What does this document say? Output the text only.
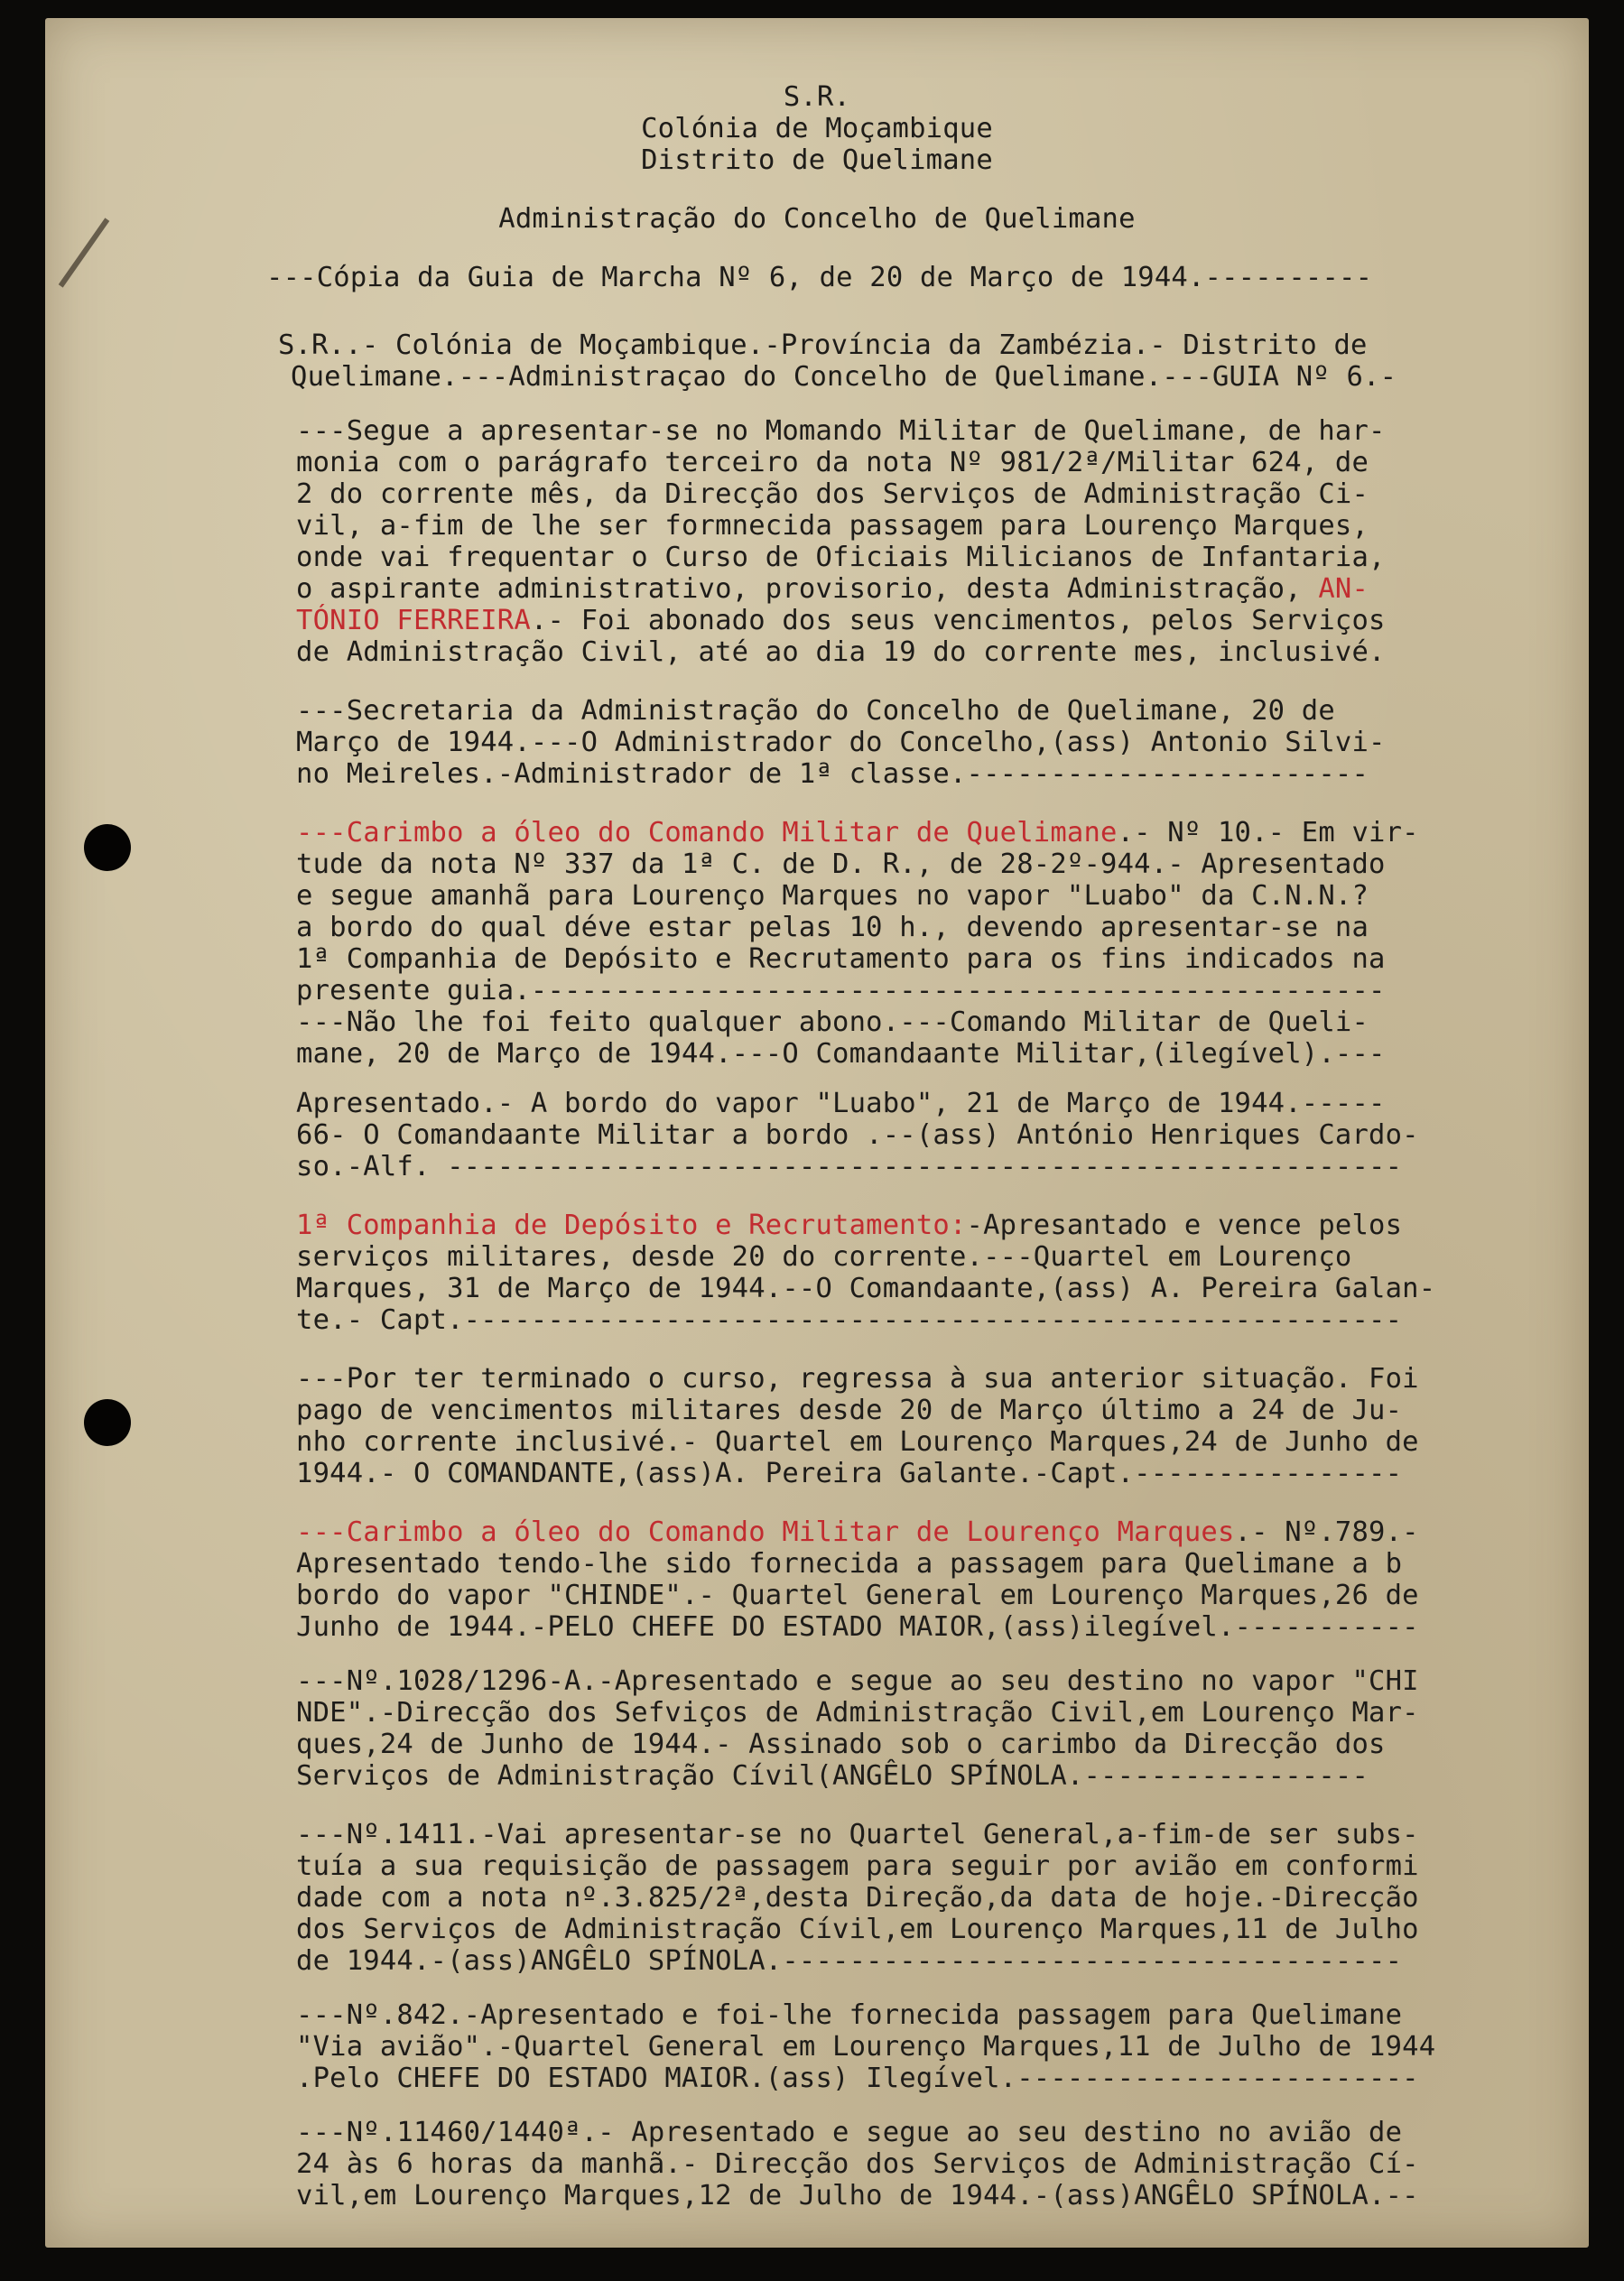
S.R.

Colónia de Moçambique

Distrito de Quelimane

Administração do Concelho de Quelimane

---Cópia da Guia de Marcha Nº 6, de 20 de Março de 1944.----------

S.R..- Colónia de Moçambique.-Província da Zambézia.- Distrito de

Quelimane.---Administraçao do Concelho de Quelimane.---GUIA Nº 6.-

---Segue a apresentar-se no Momando Militar de Quelimane, de har-

monia com o parágrafo terceiro da nota Nº 981/2ª/Militar 624, de

2 do corrente mês, da Direcção dos Serviços de Administração Ci-

vil, a-fim de lhe ser formnecida passagem para Lourenço Marques,

onde vai frequentar o Curso de Oficiais Milicianos de Infantaria,

o aspirante administrativo, provisorio, desta Administração, AN-

TÓNIO FERREIRA.- Foi abonado dos seus vencimentos, pelos Serviços

de Administração Civil, até ao dia 19 do corrente mes, inclusivé.

---Secretaria da Administração do Concelho de Quelimane, 20 de

Março de 1944.---O Administrador do Concelho,(ass) Antonio Silvi-

no Meireles.-Administrador de 1ª classe.------------------------

---Carimbo a óleo do Comando Militar de Quelimane.- Nº 10.- Em vir-

tude da nota Nº 337 da 1ª C. de D. R., de 28-2º-944.- Apresentado

e segue amanhã para Lourenço Marques no vapor "Luabo" da C.N.N.?

a bordo do qual déve estar pelas 10 h., devendo apresentar-se na

1ª Companhia de Depósito e Recrutamento para os fins indicados na

presente guia.---------------------------------------------------

---Não lhe foi feito qualquer abono.---Comando Militar de Queli-

mane, 20 de Março de 1944.---O Comandaante Militar,(ilegível).---

Apresentado.- A bordo do vapor "Luabo", 21 de Março de 1944.-----

66- O Comandaante Militar a bordo .--(ass) António Henriques Cardo-

so.-Alf. ---------------------------------------------------------

1ª Companhia de Depósito e Recrutamento:-Apresantado e vence pelos

serviços militares, desde 20 do corrente.---Quartel em Lourenço

Marques, 31 de Março de 1944.--O Comandaante,(ass) A. Pereira Galan-

te.- Capt.--------------------------------------------------------

---Por ter terminado o curso, regressa à sua anterior situação. Foi

pago de vencimentos militares desde 20 de Março último a 24 de Ju-

nho corrente inclusivé.- Quartel em Lourenço Marques,24 de Junho de

1944.- O COMANDANTE,(ass)A. Pereira Galante.-Capt.----------------

---Carimbo a óleo do Comando Militar de Lourenço Marques.- Nº.789.-

Apresentado tendo-lhe sido fornecida a passagem para Quelimane a b

bordo do vapor "CHINDE".- Quartel General em Lourenço Marques,26 de

Junho de 1944.-PELO CHEFE DO ESTADO MAIOR,(ass)ilegível.-----------

---Nº.1028/1296-A.-Apresentado e segue ao seu destino no vapor "CHI

NDE".-Direcção dos Sefviços de Administração Civil,em Lourenço Mar-

ques,24 de Junho de 1944.- Assinado sob o carimbo da Direcção dos

Serviços de Administração Cívil(ANGÊLO SPÍNOLA.-----------------

---Nº.1411.-Vai apresentar-se no Quartel General,a-fim-de ser subs-

tuía a sua requisição de passagem para seguir por avião em conformi

dade com a nota nº.3.825/2ª,desta Direção,da data de hoje.-Direcção

dos Serviços de Administração Cívil,em Lourenço Marques,11 de Julho

de 1944.-(ass)ANGÊLO SPÍNOLA.-------------------------------------

---Nº.842.-Apresentado e foi-lhe fornecida passagem para Quelimane

"Via avião".-Quartel General em Lourenço Marques,11 de Julho de 1944

.Pelo CHEFE DO ESTADO MAIOR.(ass) Ilegível.------------------------

---Nº.11460/1440ª.- Apresentado e segue ao seu destino no avião de

24 às 6 horas da manhã.- Direcção dos Serviços de Administração Cí-

vil,em Lourenço Marques,12 de Julho de 1944.-(ass)ANGÊLO SPÍNOLA.--
